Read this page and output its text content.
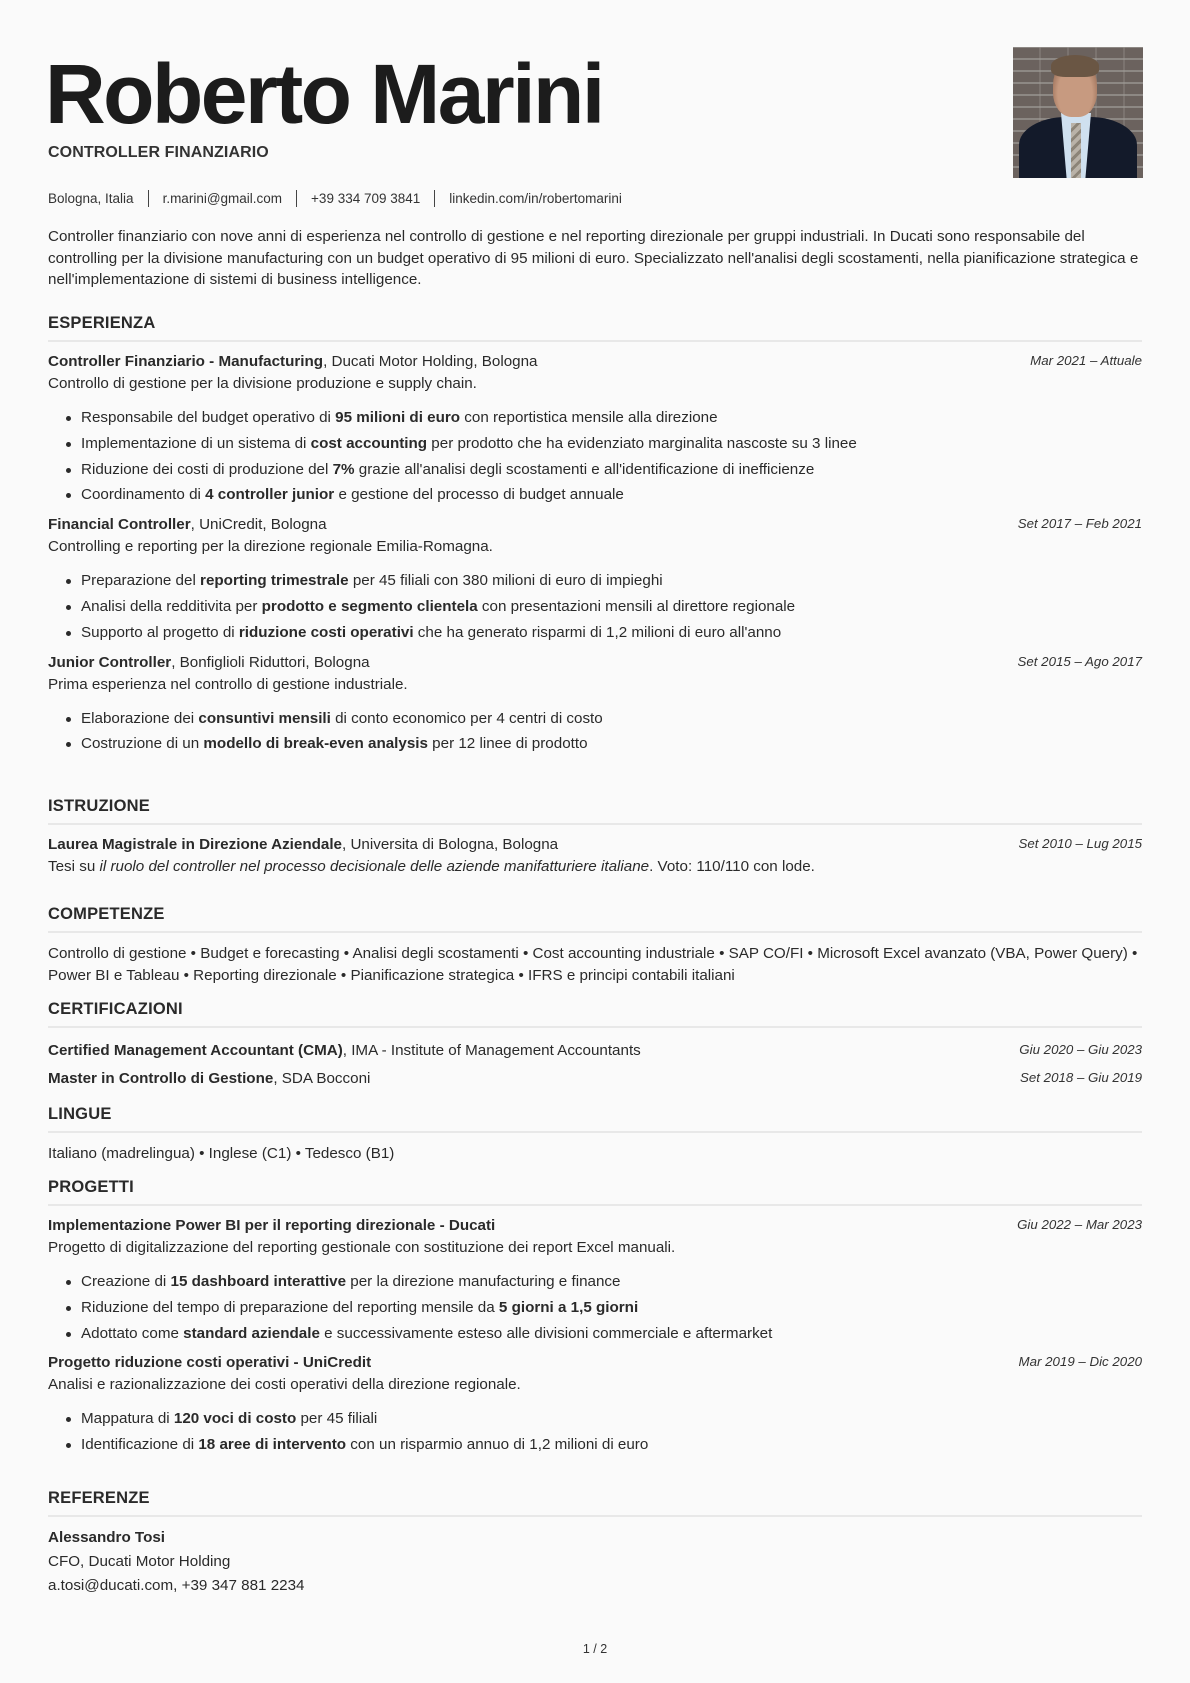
Roberto Marini
CONTROLLER FINANZIARIO
Bologna, Italia r.marini@gmail.com +39 334 709 3841 linkedin.com/in/robertomarini

Controller finanziario con nove anni di esperienza nel controllo di gestione e nel reporting direzionale per gruppi industriali. In Ducati sono responsabile del controlling per la divisione manufacturing con un budget operativo di 95 milioni di euro. Specializzato nell'analisi degli scostamenti, nella pianificazione strategica e nell'implementazione di sistemi di business intelligence.

ESPERIENZA
Controller Finanziario - Manufacturing, Ducati Motor Holding, Bologna	Mar 2021 – Attuale
Controllo di gestione per la divisione produzione e supply chain.
Responsabile del budget operativo di 95 milioni di euro con reportistica mensile alla direzione
Implementazione di un sistema di cost accounting per prodotto che ha evidenziato marginalita nascoste su 3 linee
Riduzione dei costi di produzione del 7% grazie all'analisi degli scostamenti e all'identificazione di inefficienze
Coordinamento di 4 controller junior e gestione del processo di budget annuale
Financial Controller, UniCredit, Bologna	Set 2017 – Feb 2021
Controlling e reporting per la direzione regionale Emilia-Romagna.
Preparazione del reporting trimestrale per 45 filiali con 380 milioni di euro di impieghi
Analisi della redditivita per prodotto e segmento clientela con presentazioni mensili al direttore regionale
Supporto al progetto di riduzione costi operativi che ha generato risparmi di 1,2 milioni di euro all'anno
Junior Controller, Bonfiglioli Riduttori, Bologna	Set 2015 – Ago 2017
Prima esperienza nel controllo di gestione industriale.
Elaborazione dei consuntivi mensili di conto economico per 4 centri di costo
Costruzione di un modello di break-even analysis per 12 linee di prodotto
ISTRUZIONE
Laurea Magistrale in Direzione Aziendale, Universita di Bologna, Bologna	Set 2010 – Lug 2015
Tesi su il ruolo del controller nel processo decisionale delle aziende manifatturiere italiane. Voto: 110/110 con lode.
COMPETENZE

Controllo di gestione • Budget e forecasting • Analisi degli scostamenti • Cost accounting industriale • SAP CO/FI • Microsoft Excel avanzato (VBA, Power Query) • Power BI e Tableau • Reporting direzionale • Pianificazione strategica • IFRS e principi contabili italiani

CERTIFICAZIONI
Certified Management Accountant (CMA), IMA - Institute of Management Accountants	Giu 2020 – Giu 2023
Master in Controllo di Gestione, SDA Bocconi	Set 2018 – Giu 2019
LINGUE

Italiano (madrelingua) • Inglese (C1) • Tedesco (B1)

PROGETTI
Implementazione Power BI per il reporting direzionale - Ducati	Giu 2022 – Mar 2023
Progetto di digitalizzazione del reporting gestionale con sostituzione dei report Excel manuali.
Creazione di 15 dashboard interattive per la direzione manufacturing e finance
Riduzione del tempo di preparazione del reporting mensile da 5 giorni a 1,5 giorni
Adottato come standard aziendale e successivamente esteso alle divisioni commerciale e aftermarket
Progetto riduzione costi operativi - UniCredit	Mar 2019 – Dic 2020
Analisi e razionalizzazione dei costi operativi della direzione regionale.
Mappatura di 120 voci di costo per 45 filiali
Identificazione di 18 aree di intervento con un risparmio annuo di 1,2 milioni di euro
REFERENZE
Alessandro Tosi
CFO, Ducati Motor Holding
a.tosi@ducati.com, +39 347 881 2234
1 / 2
